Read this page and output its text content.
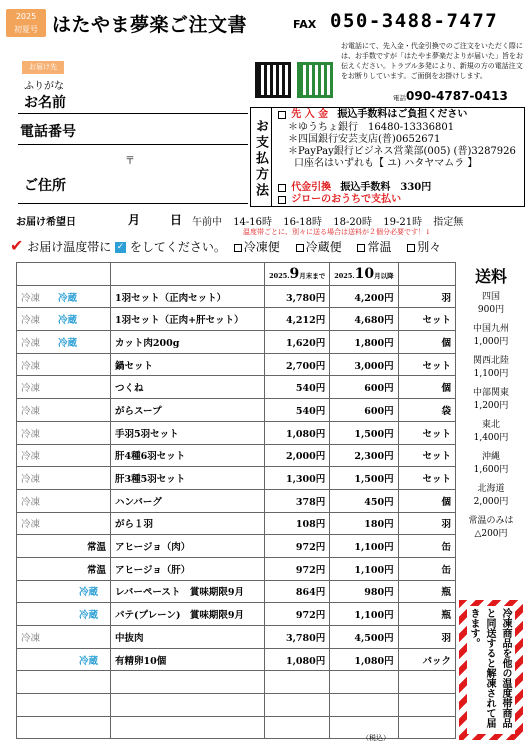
2025
初夏号 はたやま夢楽ご注文書	FAX 050-3488-7477
お電話にて、先入金・代金引換でのご注文をいただく際には、お手数ですが「はたやま夢楽だよりが届いた」旨をお伝えください。トラブル多発により、新規の方の電話注文をお断りしています。ご面倒をお掛けします。
電話090-4787-0413
お届け先
ふりがな
お名前
電話番号
〒
ご住所	お支払方法
先 入 金 振込手数料はご負担ください
＊ゆうちょ銀行　16480-13336801
＊四国銀行安芸支店(普)0652671
＊PayPay銀行ビジネス営業部(005) (普)3287926
口座名はいずれも【 ユ) ハタヤマムラ 】
代金引換 振込手数料　330円
ジローのおうちで支払い
お届け希望日	月 日 午前中 14-16時 16-18時 18-20時 19-21時 指定無
温度帯ごとに、別々に送る場合は送料が２個分必要です！↓
✔ お届け温度帯に ✓ をしてください。 冷凍便 冷蔵便 常温 別々
		2025.9月末まで	2025.10月以降	
冷凍 冷蔵	1羽セット（正肉セット）	3,780円	4,200円	羽
冷凍 冷蔵	1羽セット（正肉+肝セット）	4,212円	4,680円	セット
冷凍 冷蔵	カット肉200g	1,620円	1,800円	個
冷凍	鍋セット	2,700円	3,000円	セット
冷凍	つくね	540円	600円	個
冷凍	がらスープ	540円	600円	袋
冷凍	手羽5羽セット	1,080円	1,500円	セット
冷凍	肝4種6羽セット	2,000円	2,300円	セット
冷凍	肝3種5羽セット	1,300円	1,500円	セット
冷凍	ハンバーグ	378円	450円	個
冷凍	がら１羽	108円	180円	羽
常温	アヒージョ（肉）	972円	1,100円	缶
常温	アヒージョ（肝）	972円	1,100円	缶
冷蔵	レバーペースト　賞味期限9月	864円	980円	瓶
冷蔵	パテ(プレーン)　賞味期限9月	972円	1,100円	瓶
冷凍	中抜肉	3,780円	4,500円	羽
冷蔵	有精卵10個	1,080円	1,080円	パック

（税込）
送料
四国
900円
中国九州
1,000円
関西北陸
1,100円
中部関東
1,200円
東北
1,400円
沖縄
1,600円
北海道
2,000円
常温のみは
△200円
冷凍商品を他の温度帯商品と同送すると解凍されて届きます。
